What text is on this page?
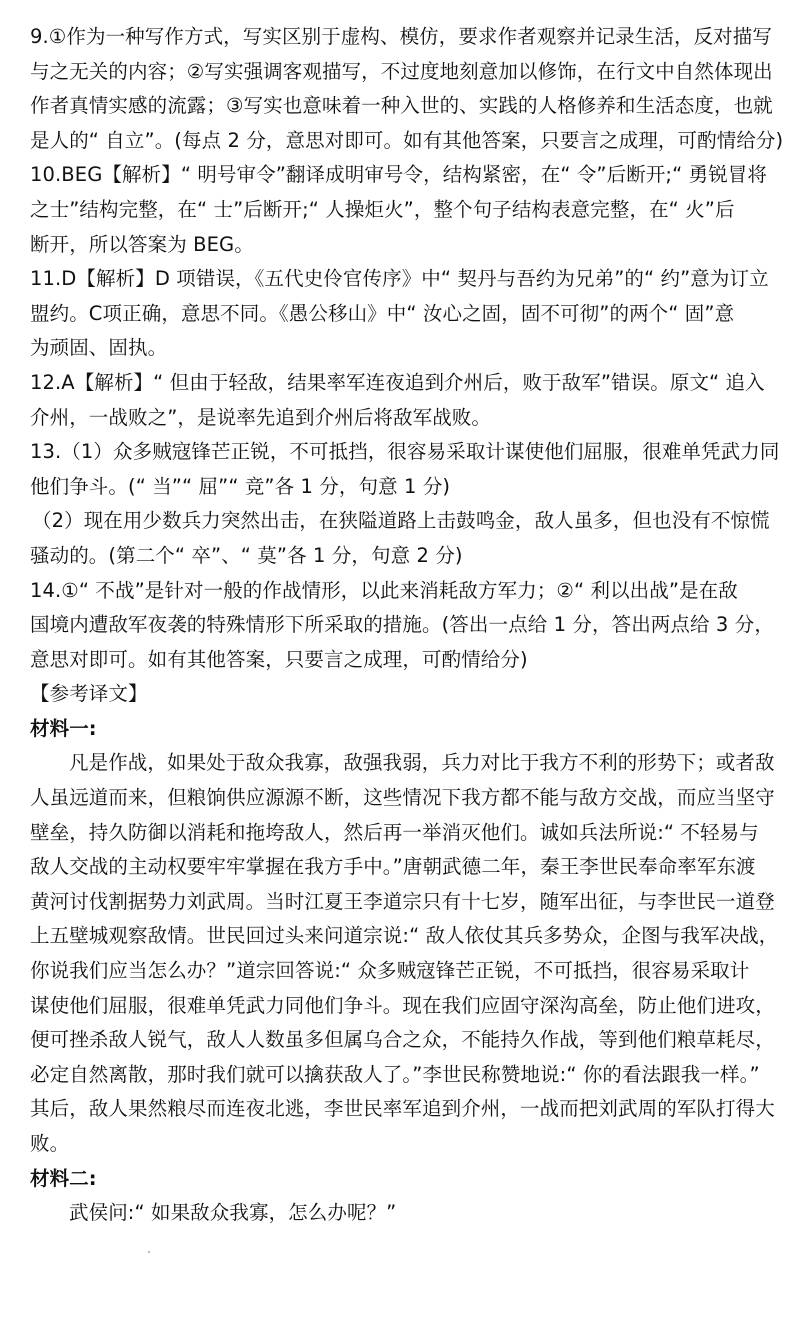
9.①作为一种写作方式，写实区别于虚构、模仿，要求作者观察并记录生活，反对描写
与之无关的内容；②写实强调客观描写，不过度地刻意加以修饰，在行文中自然体现出
作者真情实感的流露；③写实也意味着一种入世的、实践的人格修养和生活态度，也就
是人的“ 自立”。(每点 2 分，意思对即可。如有其他答案，只要言之成理，可酌情给分)
10.BEG【解析】“ 明号审令”翻译成明审号令，结构紧密，在“ 令”后断开;“ 勇锐冒将
之士”结构完整，在“ 士”后断开;“ 人操炬火”，整个句子结构表意完整，在“ 火”后
断开，所以答案为 BEG。
11.D【解析】D 项错误，《五代史伶官传序》中“ 契丹与吾约为兄弟”的“ 约”意为订立
盟约。C项正确，意思不同。《愚公移山》中“ 汝心之固，固不可彻”的两个“ 固”意
为顽固、固执。
12.A【解析】“ 但由于轻敌，结果率军连夜追到介州后，败于敌军”错误。原文“ 追入
介州，一战败之”，是说率先追到介州后将敌军战败。
13.（1）众多贼寇锋芒正锐，不可抵挡，很容易采取计谋使他们屈服，很难单凭武力同
他们争斗。(“ 当”“ 屈”“ 竞”各 1 分，句意 1 分)
（2）现在用少数兵力突然出击，在狭隘道路上击鼓鸣金，敌人虽多，但也没有不惊慌
骚动的。(第二个“ 卒”、“ 莫”各 1 分，句意 2 分)
14.①“ 不战”是针对一般的作战情形，以此来消耗敌方军力；②“ 利以出战”是在敌
国境内遭敌军夜袭的特殊情形下所采取的措施。(答出一点给 1 分，答出两点给 3 分，
意思对即可。如有其他答案，只要言之成理，可酌情给分)
【参考译文】
材料一:
凡是作战，如果处于敌众我寡，敌强我弱，兵力对比于我方不利的形势下；或者敌
人虽远道而来，但粮饷供应源源不断，这些情况下我方都不能与敌方交战，而应当坚守
壁垒，持久防御以消耗和拖垮敌人，然后再一举消灭他们。诚如兵法所说:“ 不轻易与
敌人交战的主动权要牢牢掌握在我方手中。”唐朝武德二年，秦王李世民奉命率军东渡
黄河讨伐割据势力刘武周。当时江夏王李道宗只有十七岁，随军出征，与李世民一道登
上五壁城观察敌情。世民回过头来问道宗说:“ 敌人依仗其兵多势众，企图与我军决战，
你说我们应当怎么办？”道宗回答说:“ 众多贼寇锋芒正锐，不可抵挡，很容易采取计
谋使他们屈服，很难单凭武力同他们争斗。现在我们应固守深沟高垒，防止他们进攻，
便可挫杀敌人锐气，敌人人数虽多但属乌合之众，不能持久作战，等到他们粮草耗尽，
必定自然离散，那时我们就可以擒获敌人了。”李世民称赞地说:“ 你的看法跟我一样。”
其后，敌人果然粮尽而连夜北逃，李世民率军追到介州，一战而把刘武周的军队打得大
败。
材料二:
武侯问:“ 如果敌众我寡，怎么办呢？”
